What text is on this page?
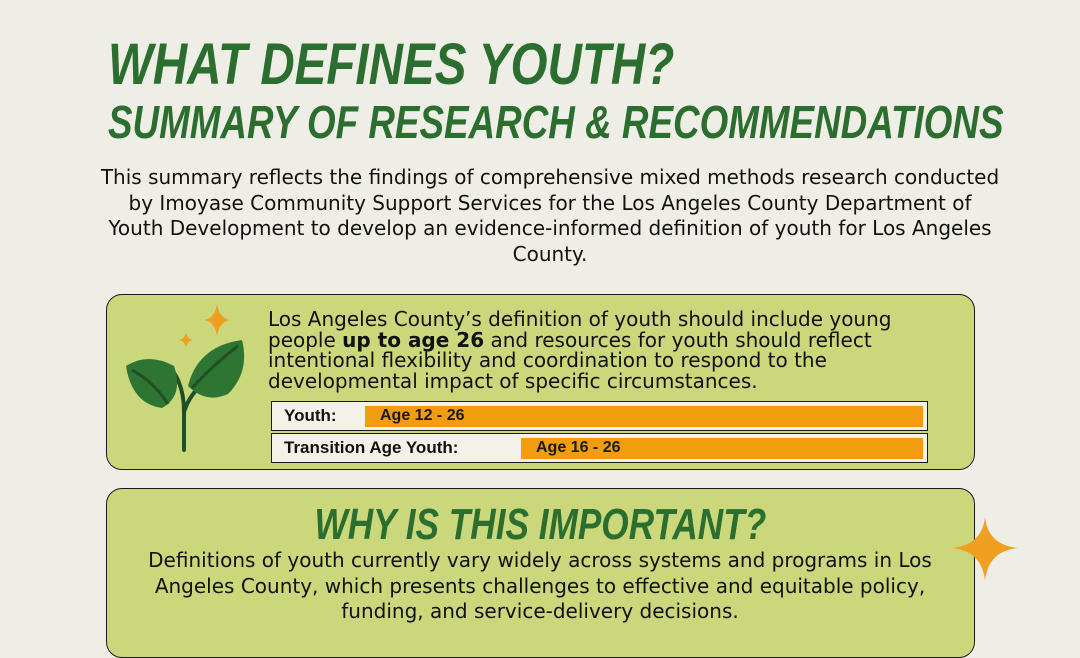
WHAT DEFINES YOUTH?
SUMMARY OF RESEARCH & RECOMMENDATIONS

This summary reflects the findings of comprehensive mixed methods research conducted by Imoyase Community Support Services for the Los Angeles County Department of Youth Development to develop an evidence-informed definition of youth for Los Angeles County.

Los Angeles County’s definition of youth should include young people up to age 26 and resources for youth should reflect intentional flexibility and coordination to respond to the developmental impact of specific circumstances.

Youth:	Age 12 - 26
Transition Age Youth:	Age 16 - 26
WHY IS THIS IMPORTANT?

Definitions of youth currently vary widely across systems and programs in Los Angeles County, which presents challenges to effective and equitable policy, funding, and service-delivery decisions.
